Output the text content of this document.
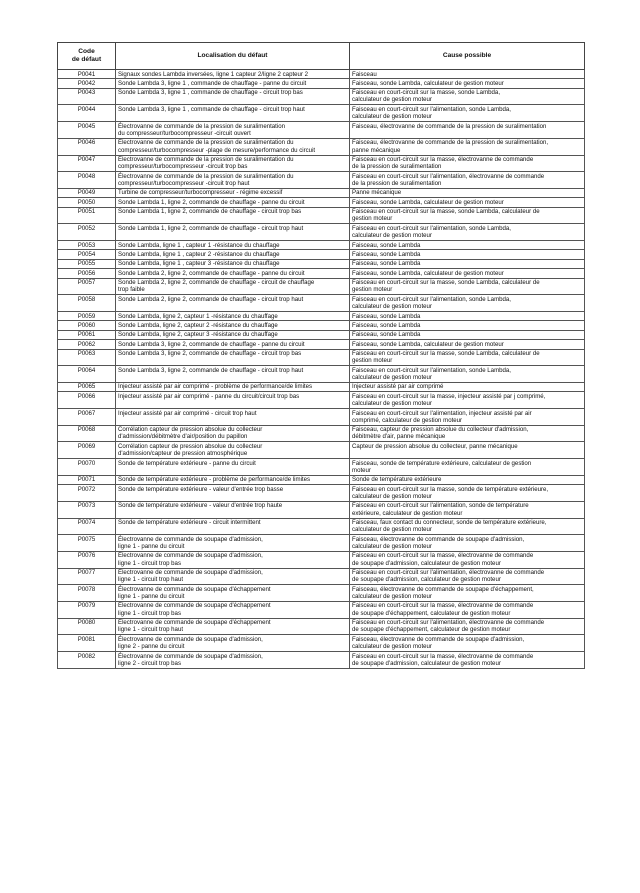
Code
de défaut	Localisation du défaut	Cause possible
P0041	Signaux sondes Lambda inversées, ligne 1 capteur 2/ligne 2 capteur 2	Faisceau
P0042	Sonde Lambda 3, ligne 1 , commande de chauffage - panne du circuit	Faisceau, sonde Lambda, calculateur de gestion moteur
P0043	Sonde Lambda 3, ligne 1 , commande de chauffage - circuit trop bas	Faisceau en court-circuit sur la masse, sonde Lambda,
calculateur de gestion moteur
P0044	Sonde Lambda 3, ligne 1 , commande de chauffage - circuit trop haut	Faisceau en court-circuit sur l'alimentation, sonde Lambda,
calculateur de gestion moteur
P0045	Électrovanne de commande de la pression de suralimentation
du compresseur/turbocompresseur -circuit ouvert	Faisceau, électrovanne de commande de la pression de suralimentation
P0046	Électrovanne de commande de la pression de suralimentation du
compresseur/turbocompresseur -plage de mesure/performance du circuit	Faisceau, électrovanne de commande de la pression de suralimentation,
panne mécanique
P0047	Électrovanne de commande de la pression de suralimentation du
compresseur/turbocompresseur -circuit trop bas	Faisceau en court-circuit sur la masse, électrovanne de commande
de la pression de suralimentation
P0048	Électrovanne de commande de la pression de suralimentation du
compresseur/turbocompresseur -circuit trop haut	Faisceau en court-circuit sur l'alimentation, électrovanne de commande
de la pression de suralimentation
P0049	Turbine de compresseur/turbocompresseur - régime excessif	Panne mécanique
P0050	Sonde Lambda 1, ligne 2, commande de chauffage - panne du circuit	Faisceau, sonde Lambda, calculateur de gestion moteur
P0051	Sonde Lambda 1, ligne 2, commande de chauffage - circuit trop bas	Faisceau en court-circuit sur la masse, sonde Lambda, calculateur de
gestion moteur
P0052	Sonde Lambda 1, ligne 2, commande de chauffage - circuit trop haut	Faisceau en court-circuit sur l'alimentation, sonde Lambda,
calculateur de gestion moteur
P0053	Sonde Lambda, ligne 1 , capteur 1 -résistance du chauffage	Faisceau, sonde Lambda
P0054	Sonde Lambda, ligne 1 , capteur 2 -résistance du chauffage	Faisceau, sonde Lambda
P0055	Sonde Lambda, ligne 1 , capteur 3 -résistance du chauffage	Faisceau, sonde Lambda
P0056	Sonde Lambda 2, ligne 2, commande de chauffage - panne du circuit	Faisceau, sonde Lambda, calculateur de gestion moteur
P0057	Sonde Lambda 2, ligne 2, commande de chauffage - circuit de chauffage
trop faible	Faisceau en court-circuit sur la masse, sonde Lambda, calculateur de
gestion moteur
P0058	Sonde Lambda 2, ligne 2, commande de chauffage - circuit trop haut	Faisceau en court-circuit sur l'alimentation, sonde Lambda,
calculateur de gestion moteur
P0059	Sonde Lambda, ligne 2, capteur 1 -résistance du chauffage	Faisceau, sonde Lambda
P0060	Sonde Lambda, ligne 2, capteur 2 -résistance du chauffage	Faisceau, sonde Lambda
P0061	Sonde Lambda, ligne 2, capteur 3 -résistance du chauffage	Faisceau, sonde Lambda
P0062	Sonde Lambda 3, ligne 2, commande de chauffage - panne du circuit	Faisceau, sonde Lambda, calculateur de gestion moteur
P0063	Sonde Lambda 3, ligne 2, commande de chauffage - circuit trop bas	Faisceau en court-circuit sur la masse, sonde Lambda, calculateur de
gestion moteur
P0064	Sonde Lambda 3, ligne 2, commande de chauffage - circuit trop haut	Faisceau en court-circuit sur l'alimentation, sonde Lambda,
calculateur de gestion moteur
P0065	Injecteur assisté par air comprimé - problème de performance/de limites	Injecteur assisté par air comprimé
P0066	Injecteur assisté par air comprimé - panne du circuit/circuit trop bas	Faisceau en court-circuit sur la masse, injecteur assisté par j comprimé,
calculateur de gestion moteur
P0067	Injecteur assisté par air comprimé - circuit trop haut	Faisceau en court-circuit sur l'alimentation, injecteur assisté par air
comprimé, calculateur de gestion moteur
P0068	Corrélation capteur de pression absolue du collecteur
d'admission/débitmètre d'air/position du papillon	Faisceau, capteur de pression absolue du collecteur d'admission,
débitmètre d'air, panne mécanique
P0069	Corrélation capteur de pression absolue du collecteur
d'admission/capteur de pression atmosphérique	Capteur de pression absolue du collecteur, panne mécanique
P0070	Sonde de température extérieure - panne du circuit	Faisceau, sonde de température extérieure, calculateur de gestion
moteur
P0071	Sonde de température extérieure - problème de performance/de limites	Sonde de température extérieure
P0072	Sonde de température extérieure - valeur d'entrée trop basse	Faisceau en court-circuit sur la masse, sonde de température extérieure,
calculateur de gestion moteur
P0073	Sonde de température extérieure - valeur d'entrée trop haute	Faisceau en court-circuit sur l'alimentation, sonde de température
extérieure, calculateur de gestion moteur
P0074	Sonde de température extérieure - circuit intermittent	Faisceau, faux contact du connecteur, sonde de température extérieure,
calculateur de gestion moteur
P0075	Électrovanne de commande de soupape d'admission,
ligne 1 - panne du circuit	Faisceau, électrovanne de commande de soupape d'admission,
calculateur de gestion moteur
P0076	Électrovanne de commande de soupape d'admission,
ligne 1 - circuit trop bas	Faisceau en court-circuit sur la masse, électrovanne de commande
de soupape d'admission, calculateur de gestion moteur
P0077	Électrovanne de commande de soupape d'admission,
ligne 1 - circuit trop haut	Faisceau en court-circuit sur l'alimentation, électrovanne de commande
de soupape d'admission, calculateur de gestion moteur
P0078	Électrovanne de commande de soupape d'échappement
ligne 1 - panne du circuit	Faisceau, électrovanne de commande de soupape d'échappement,
calculateur de gestion moteur
P0079	Électrovanne de commande de soupape d'échappement
ligne 1 - circuit trop bas	Faisceau en court-circuit sur la masse, électrovanne de commande
de soupape d'échappement, calculateur de gestion moteur
P0080	Électrovanne de commande de soupape d'échappement
ligne 1 - circuit trop haut	Faisceau en court-circuit sur l'alimentation, électrovanne de commande
de soupape d'échappement, calculateur de gestion moteur
P0081	Électrovanne de commande de soupape d'admission,
ligne 2 - panne du circuit	Faisceau, électrovanne de commande de soupape d'admission,
calculateur de gestion moteur
P0082	Électrovanne de commande de soupape d'admission,
ligne 2 - circuit trop bas	Faisceau en court-circuit sur la masse, électrovanne de commande
de soupape d'admission, calculateur de gestion moteur
